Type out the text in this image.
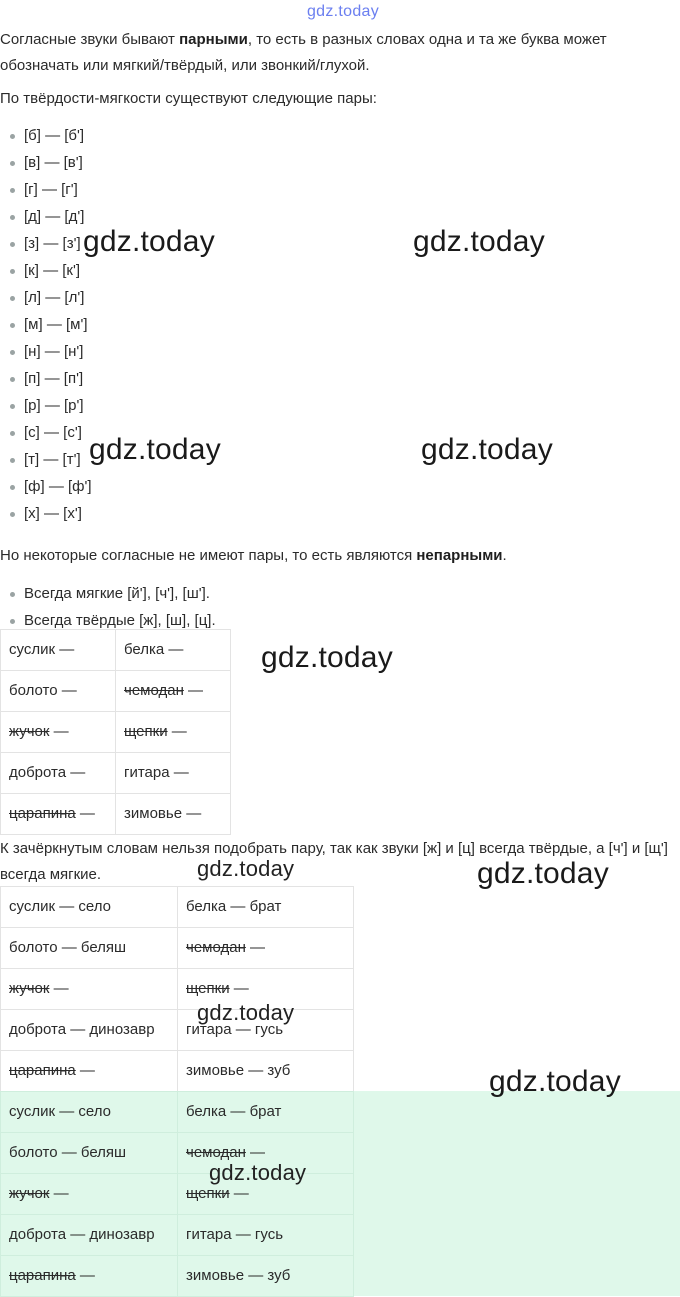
gdz.today

Согласные звуки бывают парными, то есть в разных словах одна и та же буква может обозначать или мягкий/твёрдый, или звонкий/глухой.

По твёрдости-мягкости существуют следующие пары:

[б] — [б']
[в] — [в']
[г] — [г']
[д] — [д']
[з] — [з']
[к] — [к']
[л] — [л']
[м] — [м']
[н] — [н']
[п] — [п']
[р] — [р']
[с] — [с']
[т] — [т']
[ф] — [ф']
[х] — [х']

Но некоторые согласные не имеют пары, то есть являются непарными.

Всегда мягкие [й'], [ч'], [ш'].
Всегда твёрдые [ж], [ш], [ц].
суслик —	белка —
болото —	чемодан —
жучок —	щепки —
доброта —	гитара —
царапина —	зимовье —

К зачёркнутым словам нельзя подобрать пару, так как звуки [ж] и [ц] всегда твёрдые, а [ч'] и [щ'] всегда мягкие.

суслик — село	белка — брат
болото — беляш	чемодан —
жучок —	щепки —
доброта — динозавр	гитара — гусь
царапина —	зимовье — зуб
суслик — село	белка — брат
болото — беляш	чемодан —
жучок —	щепки —
доброта — динозавр	гитара — гусь
царапина —	зимовье — зуб
gdz.today	gdz.today
gdz.today	gdz.today
gdz.today
gdz.today	gdz.today
gdz.today
gdz.today
gdz.today
